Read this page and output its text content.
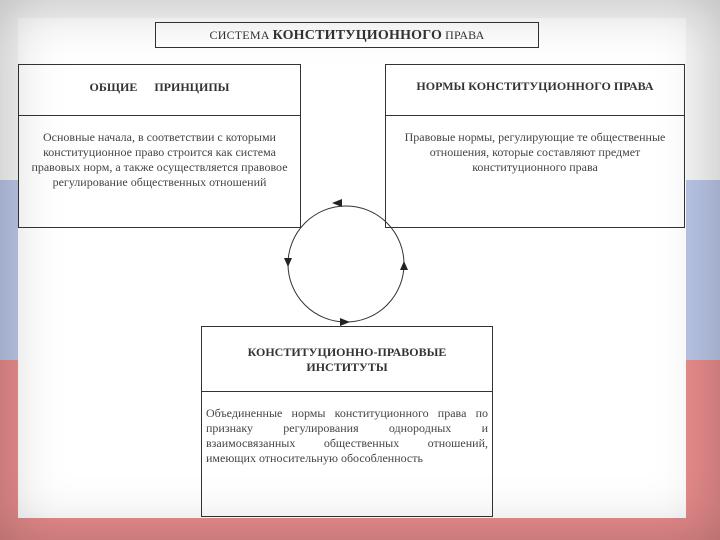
СИСТЕМА КОНСТИТУЦИОННОГО ПРАВА
ОБЩИЕ ПРИНЦИПЫ
Основные начала, в соответствии с которыми конституционное право строится как система правовых норм, а также осуществляется правовое регулирование общественных отношений
НОРМЫ КОНСТИТУЦИОННОГО ПРАВА
Правовые нормы, регулирующие те общественные отношения, которые составляют предмет конституционного права
КОНСТИТУЦИОННО-ПРАВОВЫЕ ИНСТИТУТЫ
Объединенные нормы конституционного права по признаку регулирования однородных и взаимосвязанных общественных отношений, имеющих относительную обособленность
